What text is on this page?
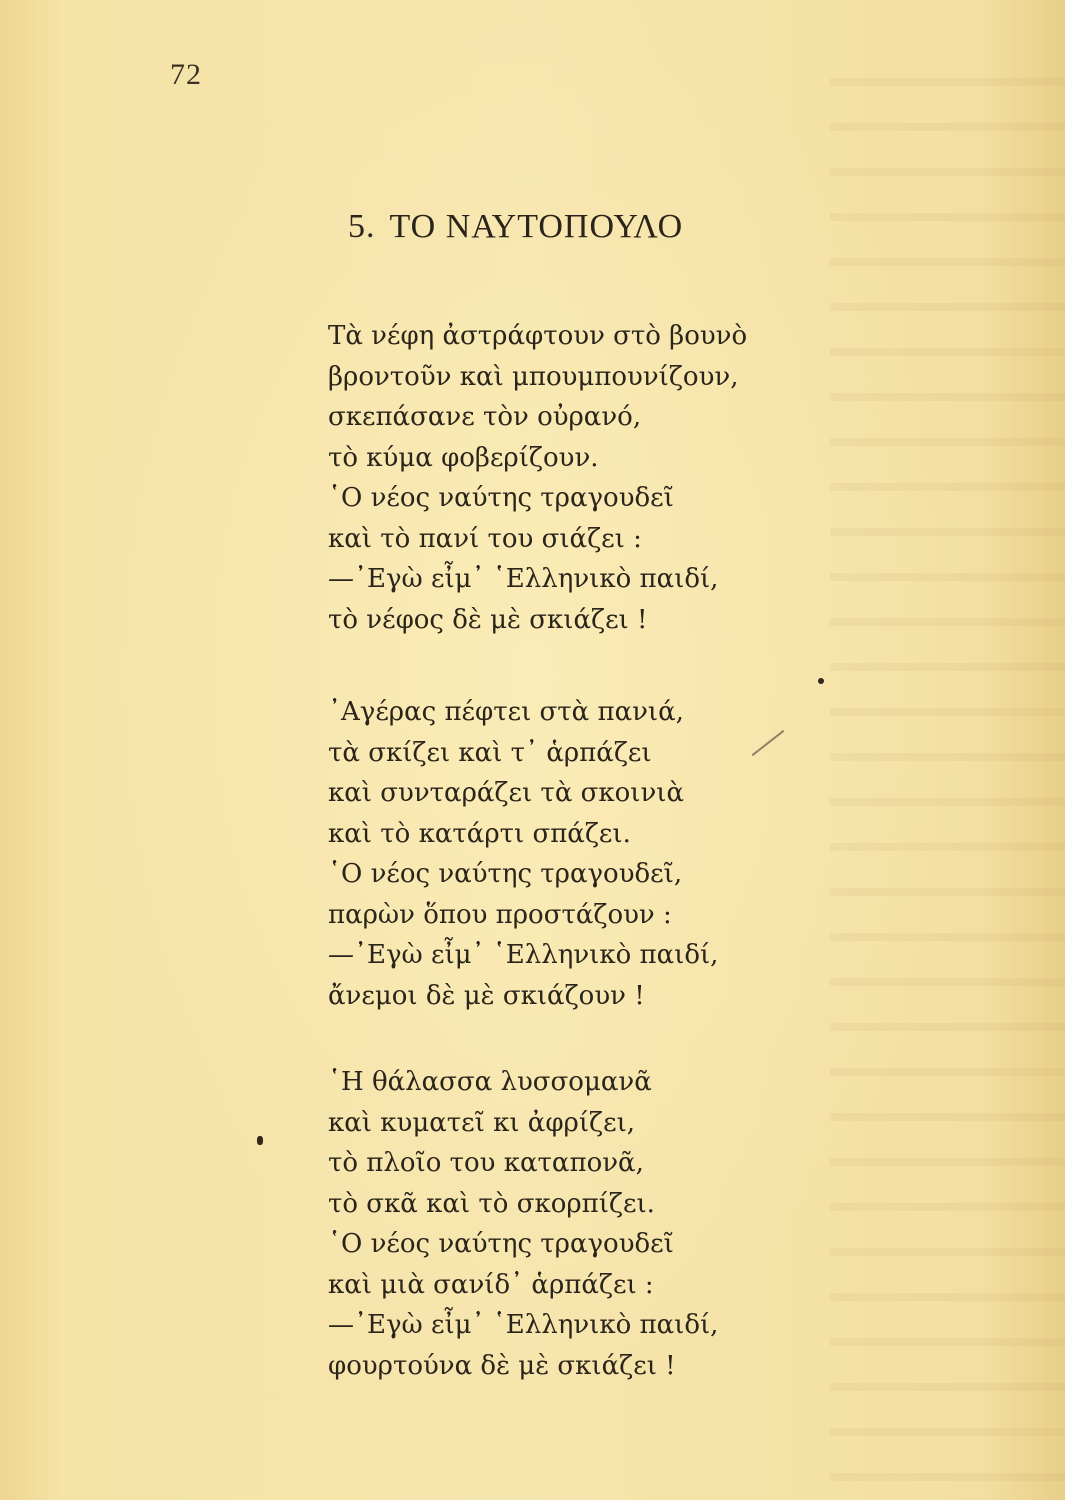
72
5. ΤΟ ΝΑΥΤΟΠΟΥΛΟ
Τὰ νέφη ἀστράφτουν στὸ βουνὸ
βροντοῦν καὶ μπουμπουνίζουν,
σκεπάσανε τὸν οὐρανό,
τὸ κύμα φοβερίζουν.
῾Ο νέος ναύτης τραγουδεῖ
καὶ τὸ πανί του σιάζει :
—᾿Εγὼ εἶμ᾿ ῾Ελληνικὸ παιδί,
τὸ νέφος δὲ μὲ σκιάζει !
᾿Αγέρας πέφτει στὰ πανιά,
τὰ σκίζει καὶ τ᾿ ἁρπάζει
καὶ συνταράζει τὰ σκοινιὰ
καὶ τὸ κατάρτι σπάζει.
῾Ο νέος ναύτης τραγουδεῖ,
παρὼν ὅπου προστάζουν :
—᾿Εγὼ εἶμ᾿ ῾Ελληνικὸ παιδί,
ἄνεμοι δὲ μὲ σκιάζουν !
῾Η θάλασσα λυσσομανᾶ
καὶ κυματεῖ κι ἀφρίζει,
τὸ πλοῖο του καταπονᾶ,
τὸ σκᾶ καὶ τὸ σκορπίζει.
῾Ο νέος ναύτης τραγουδεῖ
καὶ μιὰ σανίδ᾿ ἁρπάζει :
—᾿Εγὼ εἶμ᾿ ῾Ελληνικὸ παιδί,
φουρτούνα δὲ μὲ σκιάζει !
